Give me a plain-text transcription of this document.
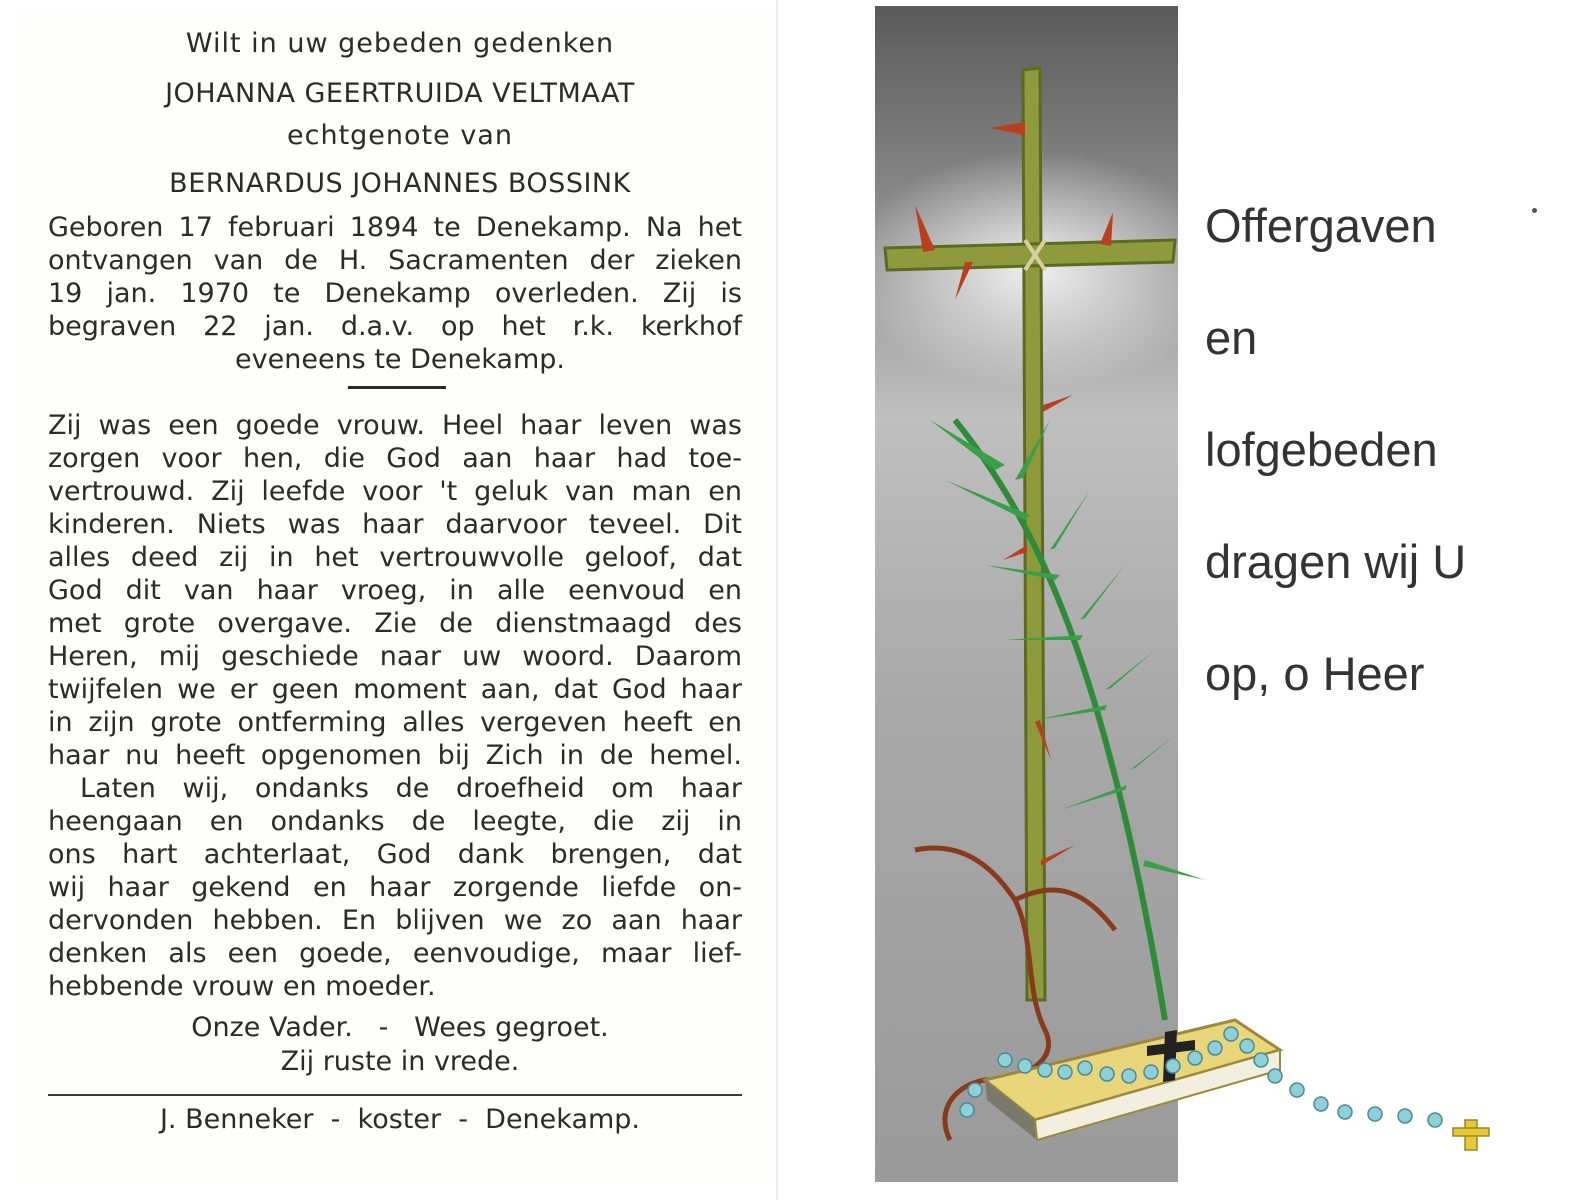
Wilt in uw gebeden gedenken
JOHANNA GEERTRUIDA VELTMAAT
echtgenote van
BERNARDUS JOHANNES BOSSINK
Geboren 17 februari 1894 te Denekamp. Na het
ontvangen van de H. Sacramenten der zieken
19 jan. 1970 te Denekamp overleden. Zij is
begraven 22 jan. d.a.v. op het r.k. kerkhof
eveneens te Denekamp.
Zij was een goede vrouw. Heel haar leven was
zorgen voor hen, die God aan haar had toe-
vertrouwd. Zij leefde voor 't geluk van man en
kinderen. Niets was haar daarvoor teveel. Dit
alles deed zij in het vertrouwvolle geloof, dat
God dit van haar vroeg, in alle eenvoud en
met grote overgave. Zie de dienstmaagd des
Heren, mij geschiede naar uw woord. Daarom
twijfelen we er geen moment aan, dat God haar
in zijn grote ontferming alles vergeven heeft en
haar nu heeft opgenomen bij Zich in de hemel.
Laten wij, ondanks de droefheid om haar
heengaan en ondanks de leegte, die zij in
ons hart achterlaat, God dank brengen, dat
wij haar gekend en haar zorgende liefde on-
dervonden hebben. En blijven we zo aan haar
denken als een goede, eenvoudige, maar lief-
hebbende vrouw en moeder.
Onze Vader.   -   Wees gegroet.
Zij ruste in vrede.
J. Benneker  -  koster  -  Denekamp.
Offergaven
en
lofgebeden
dragen wij U
op, o Heer
